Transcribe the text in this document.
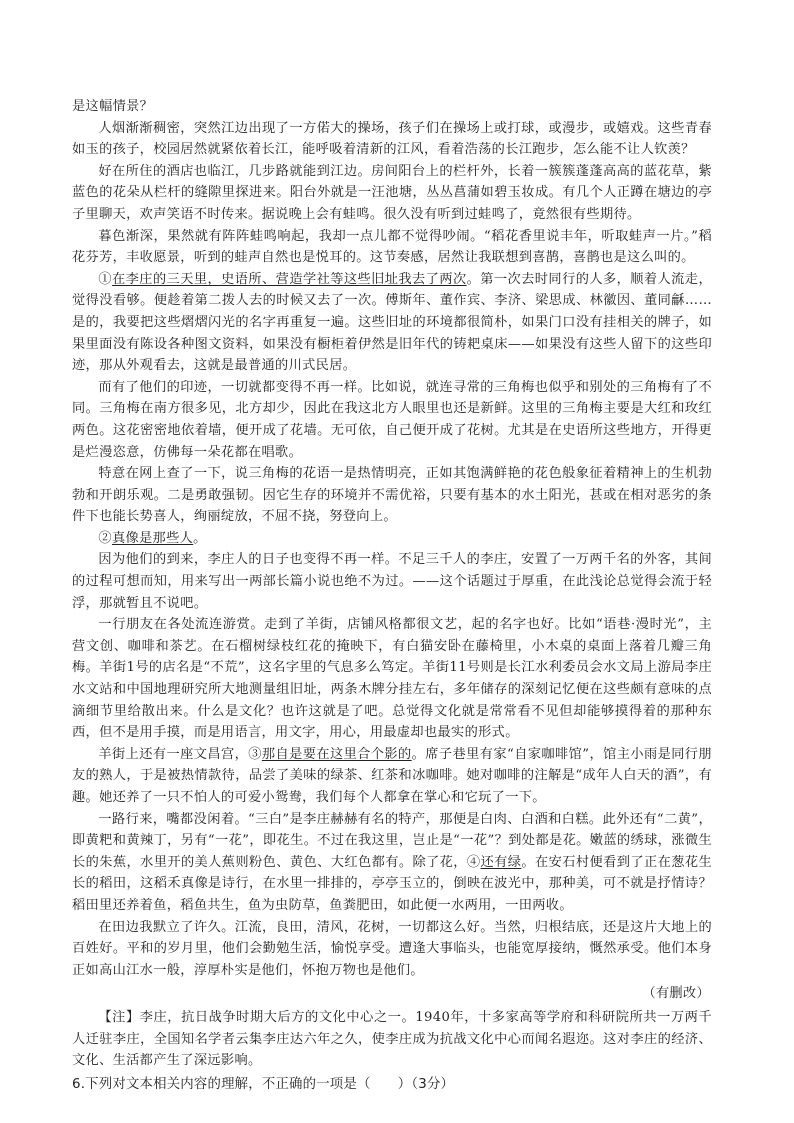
是这幅情景？

人烟渐渐稠密，突然江边出现了一方偌大的操场，孩子们在操场上或打球，或漫步，或嬉戏。这些青春如玉的孩子，校园居然就紧依着长江，能呼吸着清新的江风，看着浩荡的长江跑步，怎么能不让人钦羡？

好在所住的酒店也临江，几步路就能到江边。房间阳台上的栏杆外，长着一簇簇蓬蓬高高的蓝花草，紫蓝色的花朵从栏杆的缝隙里探进来。阳台外就是一汪池塘，丛丛菖蒲如碧玉妆成。有几个人正蹲在塘边的亭子里聊天，欢声笑语不时传来。据说晚上会有蛙鸣。很久没有听到过蛙鸣了，竟然很有些期待。

暮色渐深，果然就有阵阵蛙鸣响起，我却一点儿都不觉得吵闹。“稻花香里说丰年，听取蛙声一片。”稻花芬芳，丰收愿景，听到的蛙声自然也是悦耳的。这节奏感，居然让我联想到喜鹊，喜鹊也是这么叫的。

①在李庄的三天里，史语所、营造学社等这些旧址我去了两次。第一次去时同行的人多，顺着人流走，觉得没看够。便趁着第二拨人去的时候又去了一次。傅斯年、董作宾、李济、梁思成、林徽因、董同龢……是的，我要把这些熠熠闪光的名字再重复一遍。这些旧址的环境都很简朴，如果门口没有挂相关的牌子，如果里面没有陈设各种图文资料，如果没有橱柜着伊然是旧年代的铸耙桌床——如果没有这些人留下的这些印迹，那从外观看去，这就是最普通的川式民居。

而有了他们的印迹，一切就都变得不再一样。比如说，就连寻常的三角梅也似乎和别处的三角梅有了不同。三角梅在南方很多见，北方却少，因此在我这北方人眼里也还是新鲜。这里的三角梅主要是大红和玫红两色。这花密密地依着墙，便开成了花墙。无可依，自己便开成了花树。尤其是在史语所这些地方，开得更是烂漫恣意，仿佛每一朵花都在唱歌。

特意在网上查了一下，说三角梅的花语一是热情明亮，正如其饱满鲜艳的花色般象征着精神上的生机勃勃和开朗乐观。二是勇敢强韧。因它生存的环境并不需优裕，只要有基本的水土阳光，甚或在相对恶劣的条件下也能长势喜人，绚丽绽放，不屈不挠，努登向上。

②真像是那些人。

因为他们的到来，李庄人的日子也变得不再一样。不足三千人的李庄，安置了一万两千名的外客，其间的过程可想而知，用来写出一两部长篇小说也绝不为过。——这个话题过于厚重，在此浅论总觉得会流于轻浮，那就暂且不说吧。

一行朋友在各处流连游赏。走到了羊街，店铺风格都很文艺，起的名字也好。比如“语巷·漫时光”，主营文创、咖啡和茶艺。在石榴树绿枝红花的掩映下，有白猫安卧在藤椅里，小木桌的桌面上落着几瓣三角梅。羊街1号的店名是“不荒”，这名字里的气息多么笃定。羊街11号则是长江水利委员会水文局上游局李庄水文站和中国地理研究所大地测量组旧址，两条木牌分挂左右，多年储存的深刻记忆便在这些颇有意味的点滴细节里给散出来。什么是文化？也许这就是了吧。总觉得文化就是常常看不见但却能够摸得着的那种东西，但不是用手摸，而是用语言，用文字，用心，用最虚却也最实的形式。

羊街上还有一座文昌宫，③那自是要在这里合个影的。席子巷里有家“自家咖啡馆”，馆主小雨是同行朋友的熟人，于是被热情款待，品尝了美味的绿茶、红茶和冰咖啡。她对咖啡的注解是“成年人白天的酒”，有趣。她还养了一只不怕人的可爱小鸳鸯，我们每个人都拿在掌心和它玩了一下。

一路行来，嘴都没闲着。“三白”是李庄赫赫有名的特产，那便是白肉、白酒和白糕。此外还有“二黄”，即黄粑和黄辣丁，另有“一花”，即花生。不过在我这里，岂止是“一花”？到处都是花。嫩蓝的绣球，涨微生长的朱蕉，水里开的美人蕉则粉色、黄色、大红色都有。除了花，④还有绿。在安石村便看到了正在葱花生长的稻田，这稻禾真像是诗行，在水里一排排的，亭亭玉立的，倒映在波光中，那种美，可不就是抒情诗？稻田里还养着鱼，稻鱼共生，鱼为虫防草，鱼粪肥田，如此便一水两用，一田两收。

在田边我默立了许久。江流，良田，清风，花树，一切都这么好。当然，归根结底，还是这片大地上的百姓好。平和的岁月里，他们会勤勉生活，愉悦享受。遭逢大事临头，也能宽厚接纳，慨然承受。他们本身正如高山江水一般，淳厚朴实是他们，怀抱万物也是他们。

（有删改）

【注】李庄，抗日战争时期大后方的文化中心之一。1940年，十多家高等学府和科研院所共一万两千人迁驻李庄，全国知名学者云集李庄达六年之久，使李庄成为抗战文化中心而闻名遐迩。这对李庄的经济、文化、生活都产生了深远影响。

6.下列对文本相关内容的理解，不正确的一项是（　　）（3分）
